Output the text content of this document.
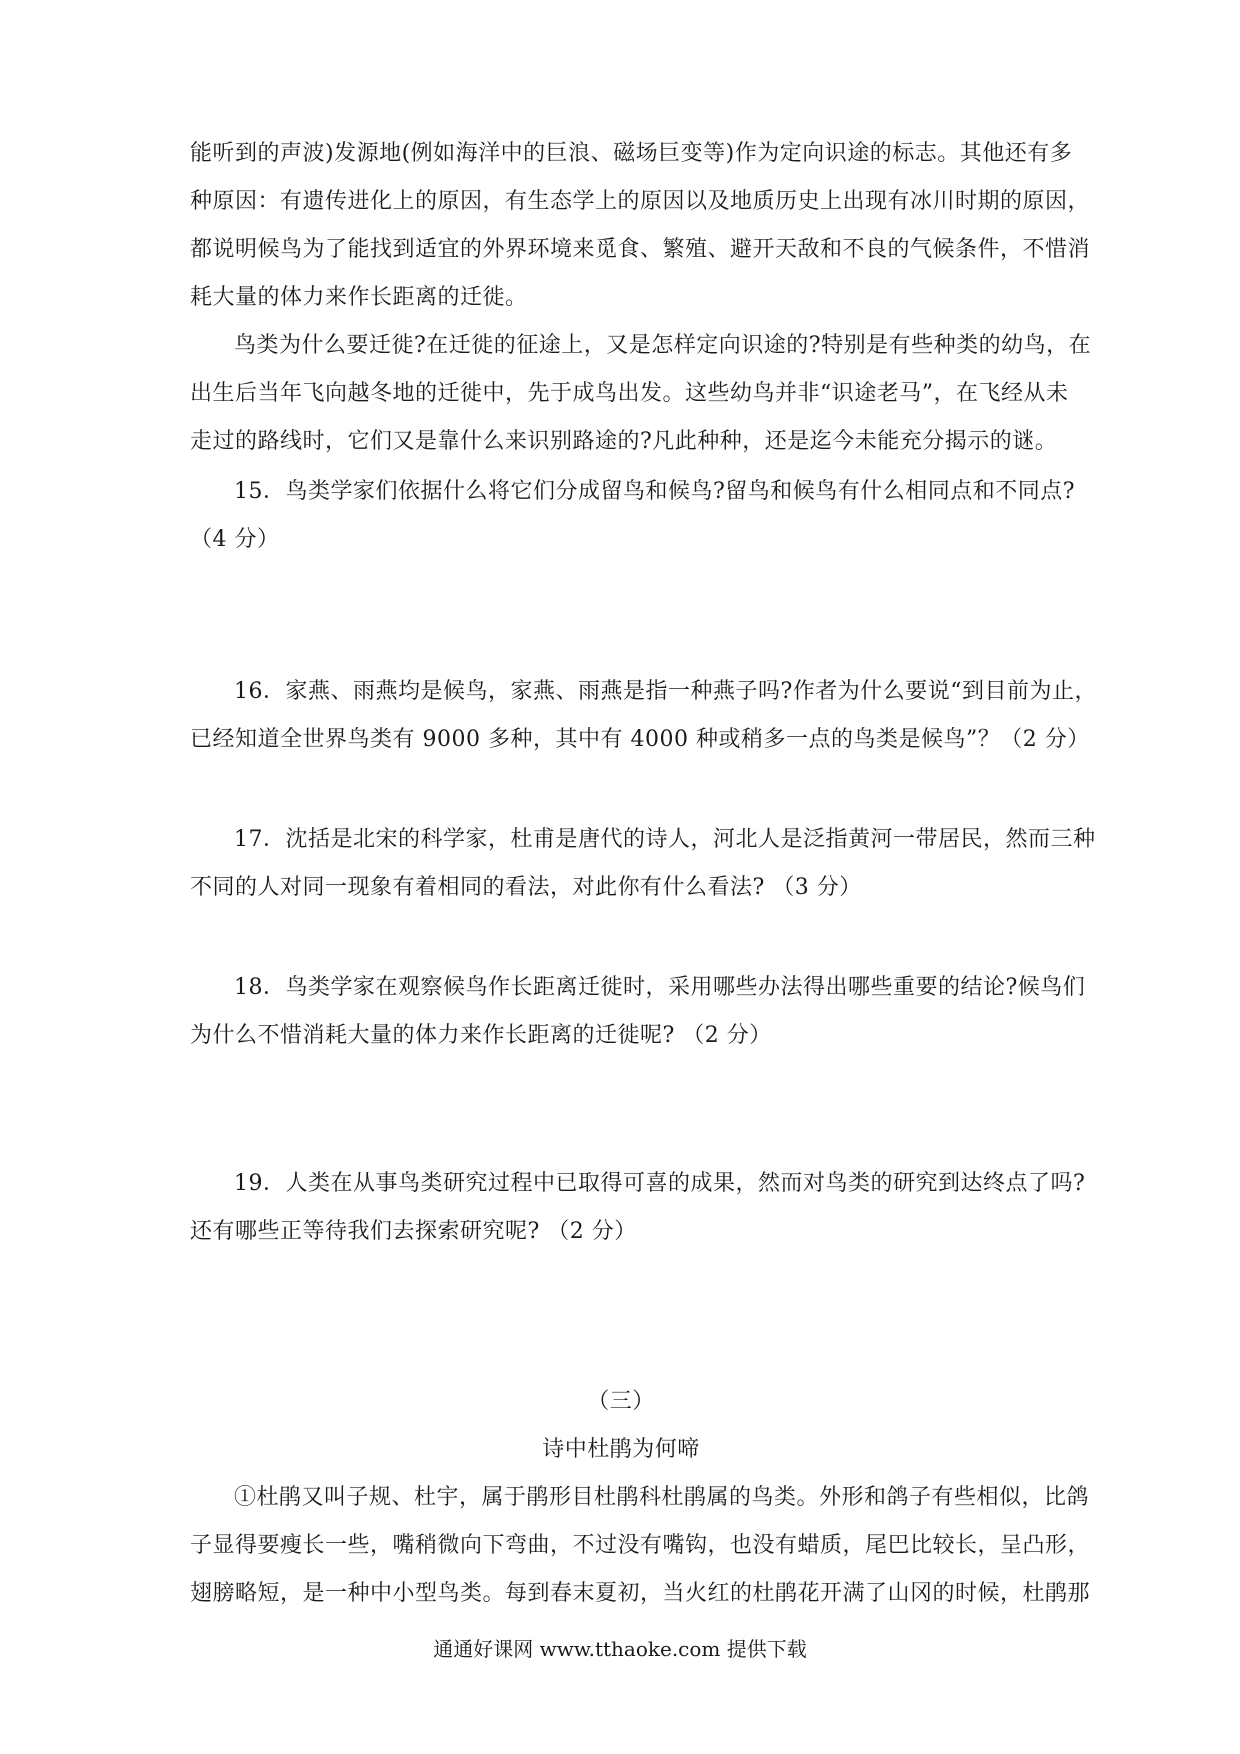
能听到的声波)发源地(例如海洋中的巨浪、磁场巨变等)作为定向识途的标志。其他还有多
种原因：有遗传进化上的原因，有生态学上的原因以及地质历史上出现有冰川时期的原因，
都说明候鸟为了能找到适宜的外界环境来觅食、繁殖、避开天敌和不良的气候条件，不惜消
耗大量的体力来作长距离的迁徙。
鸟类为什么要迁徙?在迁徙的征途上，又是怎样定向识途的?特别是有些种类的幼鸟，在
出生后当年飞向越冬地的迁徙中，先于成鸟出发。这些幼鸟并非“识途老马”，在飞经从未
走过的路线时，它们又是靠什么来识别路途的?凡此种种，还是迄今未能充分揭示的谜。
15．鸟类学家们依据什么将它们分成留鸟和候鸟?留鸟和候鸟有什么相同点和不同点?
（4 分）
16．家燕、雨燕均是候鸟，家燕、雨燕是指一种燕子吗?作者为什么要说“到目前为止，
已经知道全世界鸟类有 9000 多种，其中有 4000 种或稍多一点的鸟类是候鸟”？（2 分）
17．沈括是北宋的科学家，杜甫是唐代的诗人，河北人是泛指黄河一带居民，然而三种
不同的人对同一现象有着相同的看法，对此你有什么看法? （3 分）
18．鸟类学家在观察候鸟作长距离迁徙时，采用哪些办法得出哪些重要的结论?候鸟们
为什么不惜消耗大量的体力来作长距离的迁徙呢? （2 分）
19．人类在从事鸟类研究过程中已取得可喜的成果，然而对鸟类的研究到达终点了吗?
还有哪些正等待我们去探索研究呢? （2 分）
（三）
诗中杜鹃为何啼
①杜鹃又叫子规、杜宇，属于鹃形目杜鹃科杜鹃属的鸟类。外形和鸽子有些相似，比鸽
子显得要瘦长一些，嘴稍微向下弯曲，不过没有嘴钩，也没有蜡质，尾巴比较长，呈凸形，
翅膀略短，是一种中小型鸟类。每到春末夏初，当火红的杜鹃花开满了山冈的时候，杜鹃那
通通好课网 www.tthaoke.com 提供下载
